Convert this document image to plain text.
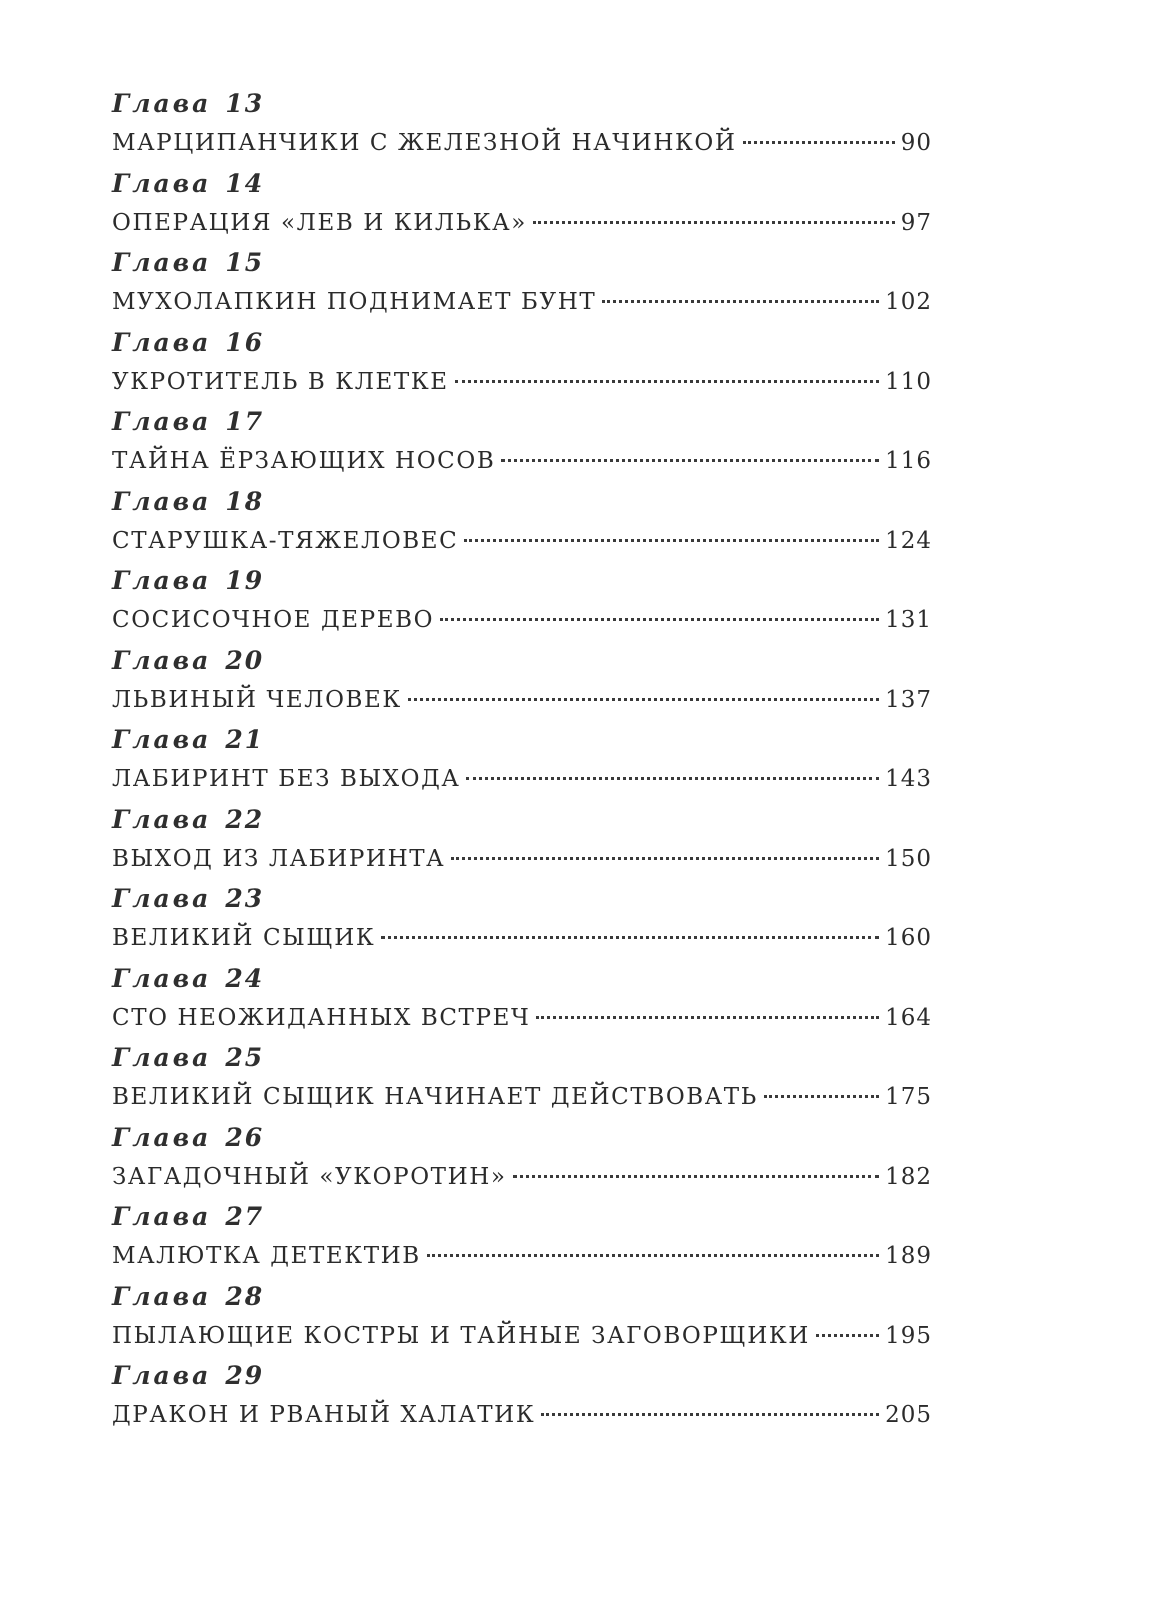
Глава 13
МАРЦИПАНЧИКИ С ЖЕЛЕЗНОЙ НАЧИНКОЙ	90
Глава 14
ОПЕРАЦИЯ «ЛЕВ И КИЛЬКА»	97
Глава 15
МУХОЛАПКИН ПОДНИМАЕТ БУНТ	102
Глава 16
УКРОТИТЕЛЬ В КЛЕТКЕ	110
Глава 17
ТАЙНА ЁРЗАЮЩИХ НОСОВ	116
Глава 18
СТАРУШКА-ТЯЖЕЛОВЕС	124
Глава 19
СОСИСОЧНОЕ ДЕРЕВО	131
Глава 20
ЛЬВИНЫЙ ЧЕЛОВЕК	137
Глава 21
ЛАБИРИНТ БЕЗ ВЫХОДА	143
Глава 22
ВЫХОД ИЗ ЛАБИРИНТА	150
Глава 23
ВЕЛИКИЙ СЫЩИК	160
Глава 24
СТО НЕОЖИДАННЫХ ВСТРЕЧ	164
Глава 25
ВЕЛИКИЙ СЫЩИК НАЧИНАЕТ ДЕЙСТВОВАТЬ	175
Глава 26
ЗАГАДОЧНЫЙ «УКОРОТИН»	182
Глава 27
МАЛЮТКА ДЕТЕКТИВ	189
Глава 28
ПЫЛАЮЩИЕ КОСТРЫ И ТАЙНЫЕ ЗАГОВОРЩИКИ	195
Глава 29
ДРАКОН И РВАНЫЙ ХАЛАТИК	205
